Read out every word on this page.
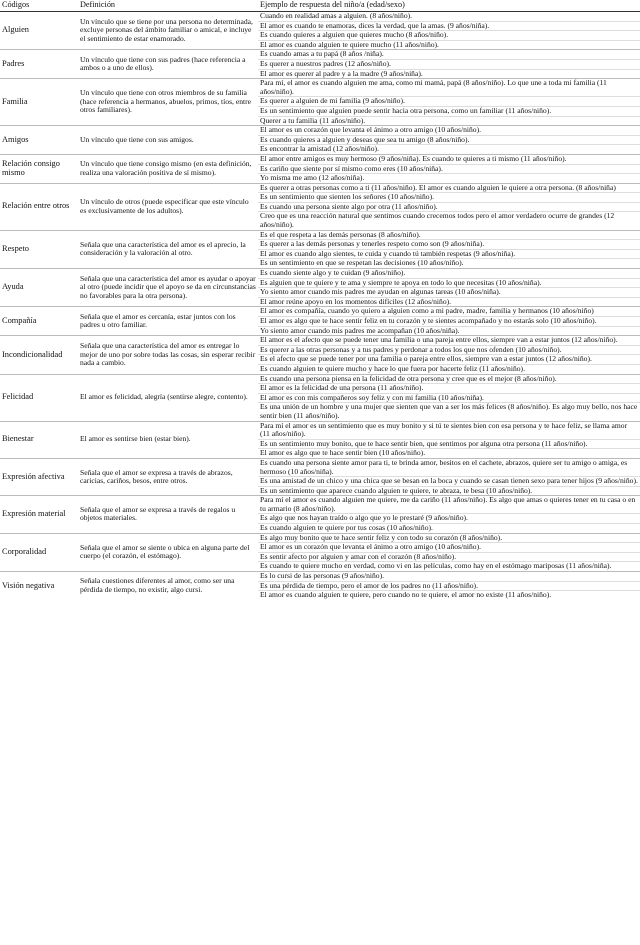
Códigos	Definición	Ejemplo de respuesta del niño/a (edad/sexo)
Alguien	Un vínculo que se tiene por una persona no determinada, excluye personas del ámbito familiar o amical, e incluye el sentimiento de estar enamorado.	Cuando en realidad amas a alguien. (8 años/niño).
		El amor es cuando te enamoras, dices la verdad, que la amas. (9 años/niña).
		Es cuando quieres a alguien que quieres mucho (8 años/niño).
		El amor es cuando alguien te quiere mucho (11 años/niño).
Padres	Un vínculo que tiene con sus padres (hace referencia a ambos o a uno de ellos).	Es cuando amas a tu papá (8 años /niña).
		Es querer a nuestros padres (12 años/niño).
		El amor es querer al padre y a la madre (9 años/niña).
Familia	Un vínculo que tiene con otros miembros de su familia (hace referencia a hermanos, abuelos, primos, tíos, entre otros familiares).	Para mí, el amor es cuando alguien me ama, como mi mamá, papá (8 años/niño). Lo que une a toda mi familia (11 años/niño).
		Es querer a alguien de mi familia (9 años/niño).
		Es un sentimiento que alguien puede sentir hacia otra persona, como un familiar (11 años/niño).
		Querer a tu familia (11 años/niño).
Amigos	Un vínculo que tiene con sus amigos.	El amor es un corazón que levanta el ánimo a otro amigo (10 años/niño).
		Es cuando quieres a alguien y deseas que sea tu amigo (8 años/niño).
		Es encontrar la amistad (12 años/niño).
Relación consigo mismo	Un vínculo que tiene consigo mismo (en esta definición, realiza una valoración positiva de sí mismo).	El amor entre amigos es muy hermoso (9 años/niña). Es cuando te quieres a ti mismo (11 años/niño).
		Es cariño que siente por sí mismo como eres (10 años/niña).
		Yo misma me amo (12 años/niña).
Relación entre otros	Un vínculo de otros (puede especificar que este vínculo es exclusivamente de los adultos).	Es querer a otras personas como a ti (11 años/niño). El amor es cuando alguien le quiere a otra persona. (8 años/niña)
		Es un sentimiento que sienten los señores (10 años/niño).
		Es cuando una persona siente algo por otra (11 años/niño).
		Creo que es una reacción natural que sentimos cuando crecemos todos pero el amor verdadero ocurre de grandes (12 años/niño).
Respeto	Señala que una característica del amor es el aprecio, la consideración y la valoración al otro.	Es el que respeta a las demás personas (8 años/niño).
		Es querer a las demás personas y tenerles respeto como son (9 años/niña).
		El amor es cuando algo sientes, te cuida y cuando tú también respetas (9 años/niña).
		Es un sentimiento en que se respetan las decisiones (10 años/niño).
Ayuda	Señala que una característica del amor es ayudar o apoyar al otro (puede incidir que el apoyo se da en circunstancias no favorables para la otra persona).	Es cuando siente algo y te cuidan (9 años/niño).
		Es alguien que te quiere y te ama y siempre te apoya en todo lo que necesitas (10 años/niña).
		Yo siento amor cuando mis padres me ayudan en algunas tareas (10 años/niña).
		El amor reúne apoyo en los momentos difíciles (12 años/niño).
Compañía	Señala que el amor es cercanía, estar juntos con los padres u otro familiar.	El amor es compañía, cuando yo quiero a alguien como a mi padre, madre, familia y hermanos (10 años/niño)
		El amor es algo que te hace sentir feliz en tu corazón y te sientes acompañado y no estarás solo (10 años/niño).
		Yo siento amor cuando mis padres me acompañan (10 años/niña).
Incondicionalidad	Señala que una característica del amor es entregar lo mejor de uno por sobre todas las cosas, sin esperar recibir nada a cambio.	El amor es el afecto que se puede tener una familia o una pareja entre ellos, siempre van a estar juntos (12 años/niño).
		Es querer a las otras personas y a tus padres y perdonar a todos los que nos ofenden (10 años/niño).
		Es el afecto que se puede tener por una familia o pareja entre ellos, siempre van a estar juntos (12 años/niño).
		Es cuando alguien te quiere mucho y hace lo que fuera por hacerte feliz (11 años/niño).
Felicidad	El amor es felicidad, alegría (sentirse alegre, contento).	Es cuando una persona piensa en la felicidad de otra persona y cree que es el mejor (8 años/niño).
		El amor es la felicidad de una persona (11 años/niño).
		El amor es con mis compañeros soy feliz y con mi familia (10 años/niña).
		Es una unión de un hombre y una mujer que sienten que van a ser los más felices (8 años/niño). Es algo muy bello, nos hace sentir bien (11 años/niño).
Bienestar	El amor es sentirse bien (estar bien).	Para mí el amor es un sentimiento que es muy bonito y si tú te sientes bien con esa persona y te hace feliz, se llama amor (11 años/niño).
		Es un sentimiento muy bonito, que te hace sentir bien, que sentimos por alguna otra persona (11 años/niño).
		El amor es algo que te hace sentir bien (10 años/niño).
Expresión afectiva	Señala que el amor se expresa a través de abrazos, caricias, cariños, besos, entre otros.	Es cuando una persona siente amor para ti, te brinda amor, besitos en el cachete, abrazos, quiere ser tu amigo o amiga, es hermoso (10 años/niña).
		Es una amistad de un chico y una chica que se besan en la boca y cuando se casan tienen sexo para tener hijos (9 años/niño).
		Es un sentimiento que aparece cuando alguien te quiere, te abraza, te besa (10 años/niño).
Expresión material	Señala que el amor se expresa a través de regalos u objetos materiales.	Para mí el amor es cuando alguien me quiere, me da cariño (11 años/niño). Es algo que amas o quieres tener en tu casa o en tu armario (8 años/niño).
		Es algo que nos hayan traído o algo que yo le prestaré (9 años/niño).
		Es cuando alguien te quiere por tus cosas (10 años/niño).
Corporalidad	Señala que el amor se siente o ubica en alguna parte del cuerpo (el corazón, el estómago).	Es algo muy bonito que te hace sentir feliz y con todo su corazón (8 años/niño).
		El amor es un corazón que levanta el ánimo a otro amigo (10 años/niño).
		Es sentir afecto por alguien y amar con el corazón (8 años/niño).
		Es cuando te quiere mucho en verdad, como vi en las películas, como hay en el estómago mariposas (11 años/niña).
Visión negativa	Señala cuestiones diferentes al amor, como ser una pérdida de tiempo, no existir, algo cursi.	Es lo cursi de las personas (9 años/niño).
		Es una pérdida de tiempo, pero el amor de los padres no (11 años/niño).
		El amor es cuando alguien te quiere, pero cuando no te quiere, el amor no existe (11 años/niño).
